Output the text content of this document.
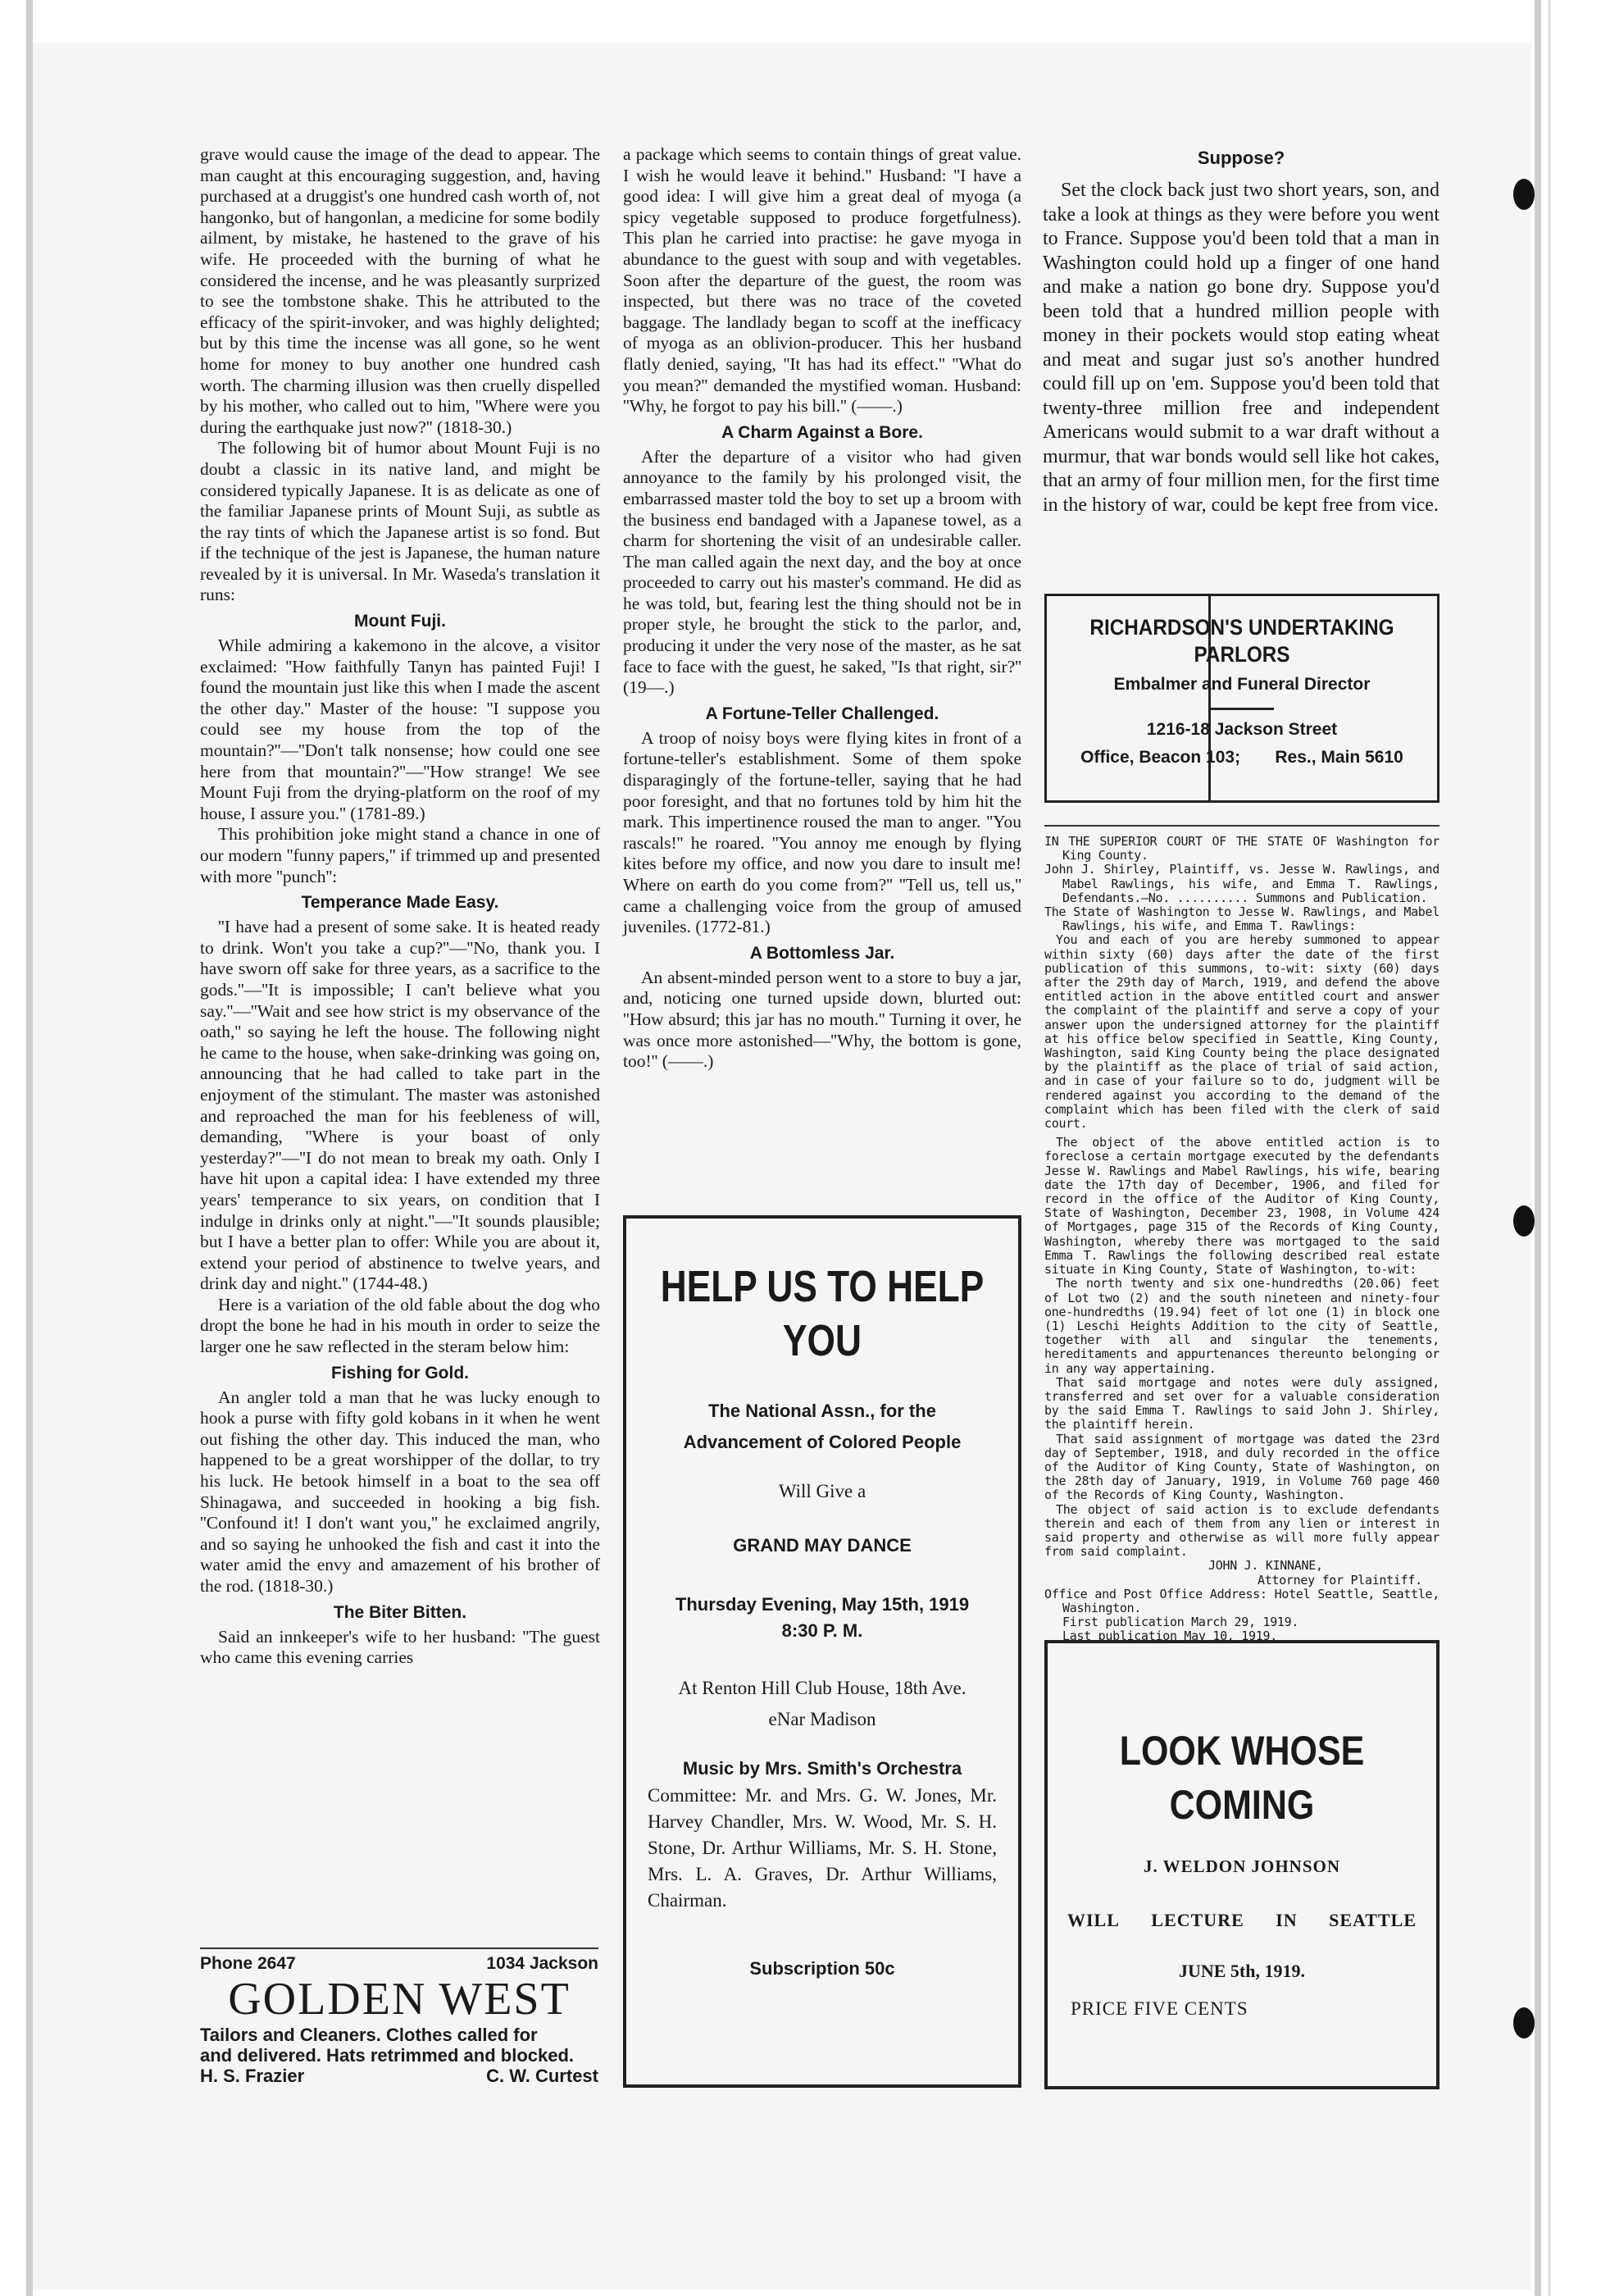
grave would cause the image of the dead to appear. The man caught at this encouraging suggestion, and, having purchased at a druggist's one hundred cash worth of, not hangonko, but of hangonlan, a medicine for some bodily ailment, by mistake, he hastened to the grave of his wife. He proceeded with the burning of what he considered the incense, and he was pleasantly surprized to see the tombstone shake. This he attributed to the efficacy of the spirit-invoker, and was highly delighted; but by this time the incense was all gone, so he went home for money to buy another one hundred cash worth. The charming illusion was then cruelly dispelled by his mother, who called out to him, ''Where were you during the earthquake just now?'' (1818-30.)

The following bit of humor about Mount Fuji is no doubt a classic in its native land, and might be considered typically Japanese. It is as delicate as one of the familiar Japanese prints of Mount Suji, as subtle as the ray tints of which the Japanese artist is so fond. But if the technique of the jest is Japanese, the human nature revealed by it is universal. In Mr. Waseda's translation it runs:

Mount Fuji.

While admiring a kakemono in the alcove, a visitor exclaimed: ''How faithfully Tanyn has painted Fuji! I found the mountain just like this when I made the ascent the other day.'' Master of the house: ''I suppose you could see my house from the top of the mountain?''—''Don't talk nonsense; how could one see here from that mountain?''—''How strange! We see Mount Fuji from the drying-platform on the roof of my house, I assure you.'' (1781-89.)

This prohibition joke might stand a chance in one of our modern ''funny papers,'' if trimmed up and presented with more ''punch'':

Temperance Made Easy.

''I have had a present of some sake. It is heated ready to drink. Won't you take a cup?''—''No, thank you. I have sworn off sake for three years, as a sacrifice to the gods.''—''It is impossible; I can't believe what you say.''—''Wait and see how strict is my observance of the oath,'' so saying he left the house. The following night he came to the house, when sake-drinking was going on, announcing that he had called to take part in the enjoyment of the stimulant. The master was astonished and reproached the man for his feebleness of will, demanding, ''Where is your boast of only yesterday?''—''I do not mean to break my oath. Only I have hit upon a capital idea: I have extended my three years' temperance to six years, on condition that I indulge in drinks only at night.''—''It sounds plausible; but I have a better plan to offer: While you are about it, extend your period of abstinence to twelve years, and drink day and night.'' (1744-48.)

Here is a variation of the old fable about the dog who dropt the bone he had in his mouth in order to seize the larger one he saw reflected in the steram below him:

Fishing for Gold.

An angler told a man that he was lucky enough to hook a purse with fifty gold kobans in it when he went out fishing the other day. This induced the man, who happened to be a great worshipper of the dollar, to try his luck. He betook himself in a boat to the sea off Shinagawa, and succeeded in hooking a big fish. ''Confound it! I don't want you,'' he exclaimed angrily, and so saying he unhooked the fish and cast it into the water amid the envy and amazement of his brother of the rod. (1818-30.)

The Biter Bitten.

Said an innkeeper's wife to her husband: ''The guest who came this evening carries

Phone 2647	1034 Jackson
GOLDEN WEST
Tailors and Cleaners. Clothes called for
and delivered. Hats retrimmed and blocked.
H. S. Frazier	C. W. Curtest

a package which seems to contain things of great value. I wish he would leave it behind.'' Husband: ''I have a good idea: I will give him a great deal of myoga (a spicy vegetable supposed to produce forgetfulness). This plan he carried into practise: he gave myoga in abundance to the guest with soup and with vegetables. Soon after the departure of the guest, the room was inspected, but there was no trace of the coveted baggage. The landlady began to scoff at the inefficacy of myoga as an oblivion-producer. This her husband flatly denied, saying, ''It has had its effect.'' ''What do you mean?'' demanded the mystified woman. Husband: ''Why, he forgot to pay his bill.'' (——.)

A Charm Against a Bore.

After the departure of a visitor who had given annoyance to the family by his prolonged visit, the embarrassed master told the boy to set up a broom with the business end bandaged with a Japanese towel, as a charm for shortening the visit of an undesirable caller. The man called again the next day, and the boy at once proceeded to carry out his master's command. He did as he was told, but, fearing lest the thing should not be in proper style, he brought the stick to the parlor, and, producing it under the very nose of the master, as he sat face to face with the guest, he saked, ''Is that right, sir?'' (19—.)

A Fortune-Teller Challenged.

A troop of noisy boys were flying kites in front of a fortune-teller's establishment. Some of them spoke disparagingly of the fortune-teller, saying that he had poor foresight, and that no fortunes told by him hit the mark. This impertinence roused the man to anger. ''You rascals!'' he roared. ''You annoy me enough by flying kites before my office, and now you dare to insult me! Where on earth do you come from?'' ''Tell us, tell us,'' came a challenging voice from the group of amused juveniles. (1772-81.)

A Bottomless Jar.

An absent-minded person went to a store to buy a jar, and, noticing one turned upside down, blurted out: ''How absurd; this jar has no mouth.'' Turning it over, he was once more astonished—''Why, the bottom is gone, too!'' (——.)

HELP US TO HELP YOU
The National Assn., for the Advancement of Colored People
Will Give a
GRAND MAY DANCE
Thursday Evening, May 15th, 1919
8:30 P. M.
At Renton Hill Club House, 18th Ave.
eNar Madison
Music by Mrs. Smith's Orchestra
Committee: Mr. and Mrs. G. W. Jones, Mr. Harvey Chandler, Mrs. W. Wood, Mr. S. H. Stone, Dr. Arthur Williams, Mr. S. H. Stone, Mrs. L. A. Graves, Dr. Arthur Williams, Chairman.
Subscription 50c
Suppose?

Set the clock back just two short years, son, and take a look at things as they were before you went to France. Suppose you'd been told that a man in Washington could hold up a finger of one hand and make a nation go bone dry. Suppose you'd been told that a hundred million people with money in their pockets would stop eating wheat and meat and sugar just so's another hundred could fill up on 'em. Suppose you'd been told that twenty-three million free and independent Americans would submit to a war draft without a murmur, that war bonds would sell like hot cakes, that an army of four million men, for the first time in the history of war, could be kept free from vice.

RICHARDSON'S UNDERTAKING
PARLORS
Embalmer and Funeral Director
1216-18 Jackson Street
Office, Beacon 103; Res., Main 5610

IN THE SUPERIOR COURT OF THE STATE OF Washington for King County.

John J. Shirley, Plaintiff, vs. Jesse W. Rawlings, and Mabel Rawlings, his wife, and Emma T. Rawlings, Defendants.—No. .......... Summons and Publication.

The State of Washington to Jesse W. Rawlings, and Mabel Rawlings, his wife, and Emma T. Rawlings:

You and each of you are hereby summoned to appear within sixty (60) days after the date of the first publication of this summons, to-wit: sixty (60) days after the 29th day of March, 1919, and defend the above entitled action in the above entitled court and answer the complaint of the plaintiff and serve a copy of your answer upon the undersigned attorney for the plaintiff at his office below specified in Seattle, King County, Washington, said King County being the place designated by the plaintiff as the place of trial of said action, and in case of your failure so to do, judgment will be rendered against you according to the demand of the complaint which has been filed with the clerk of said court.

The object of the above entitled action is to foreclose a certain mortgage executed by the defendants Jesse W. Rawlings and Mabel Rawlings, his wife, bearing date the 17th day of December, 1906, and filed for record in the office of the Auditor of King County, State of Washington, December 23, 1908, in Volume 424 of Mortgages, page 315 of the Records of King County, Washington, whereby there was mortgaged to the said Emma T. Rawlings the following described real estate situate in King County, State of Washington, to-wit:

The north twenty and six one-hundredths (20.06) feet of Lot two (2) and the south nineteen and ninety-four one-hundredths (19.94) feet of lot one (1) in block one (1) Leschi Heights Addition to the city of Seattle, together with all and singular the tenements, hereditaments and appurtenances thereunto belonging or in any way appertaining.

That said mortgage and notes were duly assigned, transferred and set over for a valuable consideration by the said Emma T. Rawlings to said John J. Shirley, the plaintiff herein.

That said assignment of mortgage was dated the 23rd day of September, 1918, and duly recorded in the office of the Auditor of King County, State of Washington, on the 28th day of January, 1919, in Volume 760 page 460 of the Records of King County, Washington.

The object of said action is to exclude defendants therein and each of them from any lien or interest in said property and otherwise as will more fully appear from said complaint.

JOHN J. KINNANE,

Attorney for Plaintiff.

Office and Post Office Address: Hotel Seattle, Seattle, Washington.

First publication March 29, 1919.

Last publication May 10, 1919.

LOOK WHOSE
COMING
J. WELDON JOHNSON
WILL LECTURE IN SEATTLE
JUNE 5th, 1919.
PRICE FIVE CENTS
